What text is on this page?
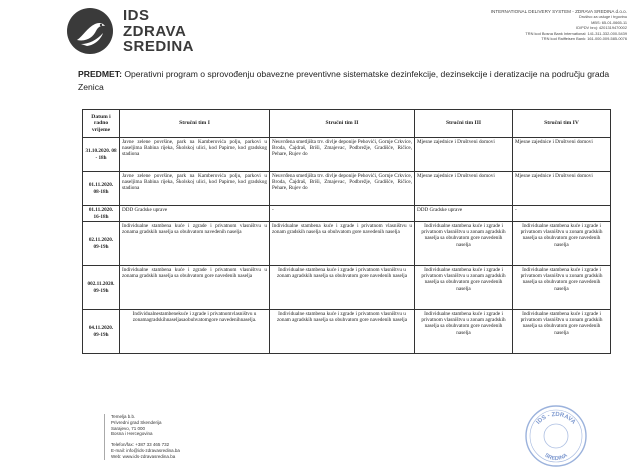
IDS
ZDRAVA
SREDINA
INTERNATIONAL DELIVERY SYSTEM - ZDRAVA SREDINA d.o.o.
Društvo za usluge i trgovinu
MBS: 65-01-0665-11
ID/PDV broj: 4201319470002
TRN kod Bosna Bank International: 141-311-332-000-5439
TRN kod Raiffeisen Bank: 161-000-009-585-0076
PREDMET: Operativni program o sprovođenju obavezne preventivne sistematske dezinfekcije, dezinsekcije i deratizacije na području grada Zenica
Datum i radno vrijeme	Stručni tim I	Stručni tim II	Stručni tim III	Stručni tim IV
31.10.2020. 08 - 18h	Javne zelene površine, park na Kamberovića polju, parkovi u naseljima Babina rijeka, Školskoj ulici, kod Papirne, kod gradskog stadiona	Neuvrđena smetljišta trv. divlje deponije Pehovići, Gornje Crkvice, Broda, Čajdraš, Briši, Zmajevac, Podbrežje, Gradišće, Ričice, Pehare, Rujev do	Mjesne zajednice i Društveni domovi	Mjesne zajednice i Društveni domovi
01.11.2020. 08-18h	Javne zelene površine, park na Kamberovića polju, parkovi u naseljima Babina rijeka, Školskoj ulici, kod Papirne, kod gradskog stadiona	Neuvrđena smetljišta trv. divlje deponije Pehovići, Gornje Crkvice, Broda, Čajdraš, Briši, Zmajevac, Podbrežje, Gradišće, Ričice, Pehare, Rujev do	Mjesne zajednice i Društveni domovi	Mjesne zajednice i Društveni domovi
01.11.2020. 16-18h	DDD Gradske uprave	-	DDD Gradske uprave	-
02.11.2020. 09-19h	Individualne stambena kuće i zgrade i privatnom vlasništvu u zonama gradskih naselja sa obuhvatom navedenih naselja	Individualne stambena kuće i zgrade i privatnom vlasništvu u zonam gradskih naselja sa obuhvatom gore navedenih naselja	Individualne stambena kuće i zgrade i privatnom vlasništvu u zonam agradskih naselja sa obuhvatom gore navedenih naselja	Individualne stambena kuće i zgrade i privatnom vlasništvu u zonam gradskih naselja sa obuhvatom gore navedenih naselja
002.11.2020. 09-19h	Individualne stambena kuće i zgrade i privatnom vlasništvu u zonama gradskih naselja sa obuhvatom gore navedenih naselja	Individualne stambena kuće i zgrade i privatnom vlasništvu u zonam agradskih naselja sa obuhvatom gore navedenih naselja	Individualne stambena kuće i zgrade i privatnom vlasništvu u zonam agradskih naselja sa obuhvatom gore navedenih naselja	Individualne stambena kuće i zgrade i privatnom vlasništvu u zonam gradskih naselja sa obuhvatom gore navedenih naselja
04.11.2020. 09-19h	Individualnestambenekuće i zgrade i privatnomvlasništvu u zonamagradskihnaseljasaobuhvatomgore navedenihnaselja.	Individualne stambena kuće i zgrade i privatnom vlasništvu u zonam agradskih naselja sa obuhvatom gore navedenih naselja	Individualne stambena kuće i zgrade i privatnom vlasništvu u zonam agradskih naselja sa obuhvatom gore navedenih naselja	Individualne stambena kuće i zgrade i privatnom vlasništvu u zonam gradskih naselja sa obuhvatom gore navedenih naselja
Temelja b.b.
Privredni grad Skenderija
Sarajevo, 71 000
Bosna i Hercegovina
Telefon/fax: +387 33 465 732
E-mail: info@ids-zdravasredina.ba
Web: www.ids-zdravasredina.ba
IDS - ZDRAVA
SREDINA
